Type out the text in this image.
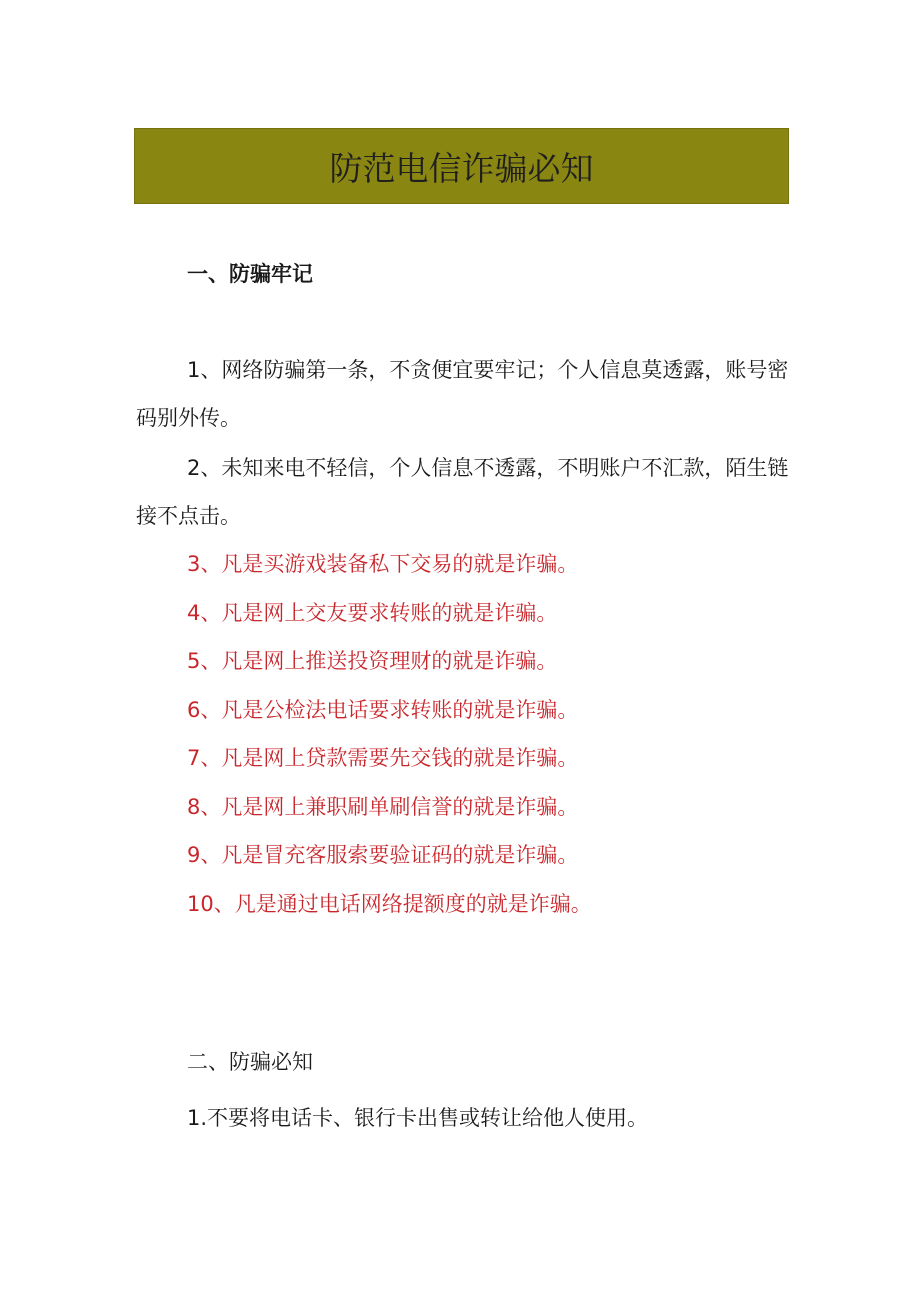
防范电信诈骗必知
一、防骗牢记

1、网络防骗第一条，不贪便宜要牢记；个人信息莫透露，账号密码别外传。

2、未知来电不轻信，个人信息不透露，不明账户不汇款，陌生链接不点击。

3、凡是买游戏装备私下交易的就是诈骗。
4、凡是网上交友要求转账的就是诈骗。
5、凡是网上推送投资理财的就是诈骗。
6、凡是公检法电话要求转账的就是诈骗。
7、凡是网上贷款需要先交钱的就是诈骗。
8、凡是网上兼职刷单刷信誉的就是诈骗。
9、凡是冒充客服索要验证码的就是诈骗。
10、凡是通过电话网络提额度的就是诈骗。
二、防骗必知
1.不要将电话卡、银行卡出售或转让给他人使用。
